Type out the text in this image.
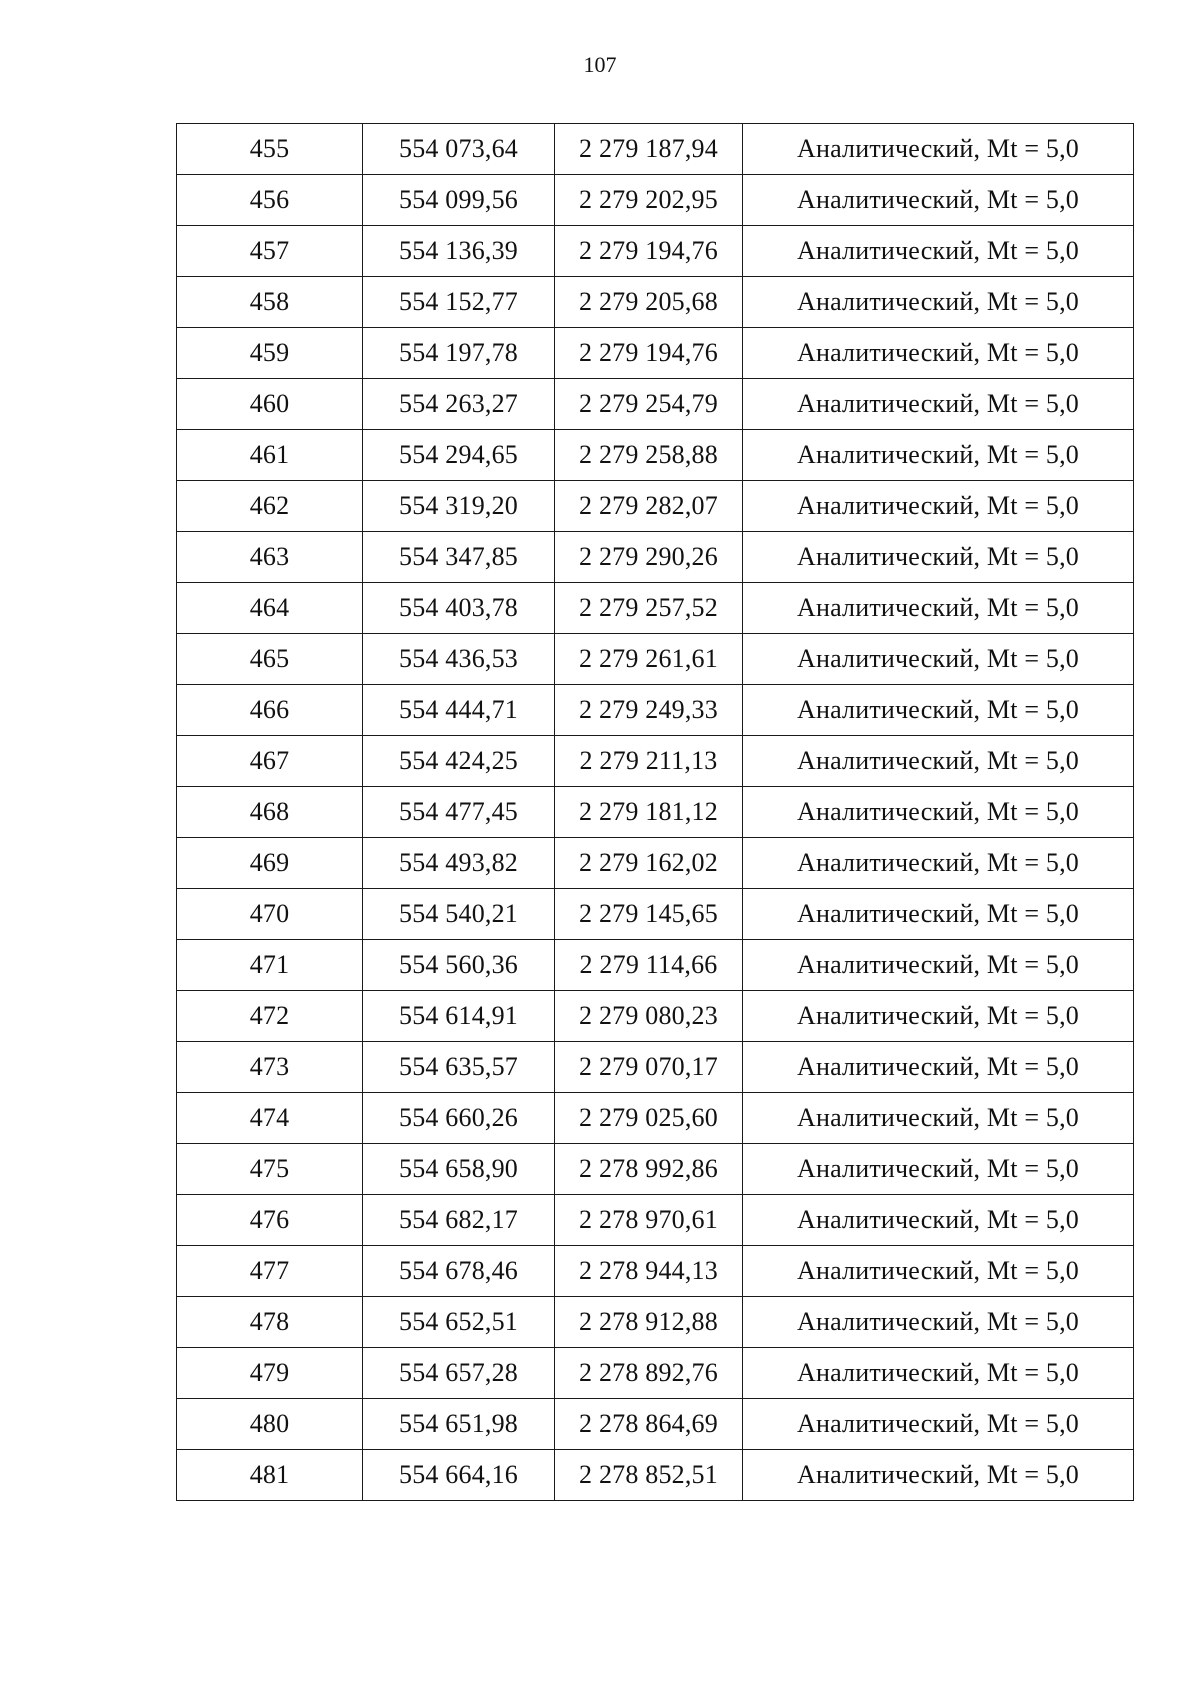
107
455	554 073,64	2 279 187,94	Аналитический, Mt = 5,0
456	554 099,56	2 279 202,95	Аналитический, Mt = 5,0
457	554 136,39	2 279 194,76	Аналитический, Mt = 5,0
458	554 152,77	2 279 205,68	Аналитический, Mt = 5,0
459	554 197,78	2 279 194,76	Аналитический, Mt = 5,0
460	554 263,27	2 279 254,79	Аналитический, Mt = 5,0
461	554 294,65	2 279 258,88	Аналитический, Mt = 5,0
462	554 319,20	2 279 282,07	Аналитический, Mt = 5,0
463	554 347,85	2 279 290,26	Аналитический, Mt = 5,0
464	554 403,78	2 279 257,52	Аналитический, Mt = 5,0
465	554 436,53	2 279 261,61	Аналитический, Mt = 5,0
466	554 444,71	2 279 249,33	Аналитический, Mt = 5,0
467	554 424,25	2 279 211,13	Аналитический, Mt = 5,0
468	554 477,45	2 279 181,12	Аналитический, Mt = 5,0
469	554 493,82	2 279 162,02	Аналитический, Mt = 5,0
470	554 540,21	2 279 145,65	Аналитический, Mt = 5,0
471	554 560,36	2 279 114,66	Аналитический, Mt = 5,0
472	554 614,91	2 279 080,23	Аналитический, Mt = 5,0
473	554 635,57	2 279 070,17	Аналитический, Mt = 5,0
474	554 660,26	2 279 025,60	Аналитический, Mt = 5,0
475	554 658,90	2 278 992,86	Аналитический, Mt = 5,0
476	554 682,17	2 278 970,61	Аналитический, Mt = 5,0
477	554 678,46	2 278 944,13	Аналитический, Mt = 5,0
478	554 652,51	2 278 912,88	Аналитический, Mt = 5,0
479	554 657,28	2 278 892,76	Аналитический, Mt = 5,0
480	554 651,98	2 278 864,69	Аналитический, Mt = 5,0
481	554 664,16	2 278 852,51	Аналитический, Mt = 5,0
